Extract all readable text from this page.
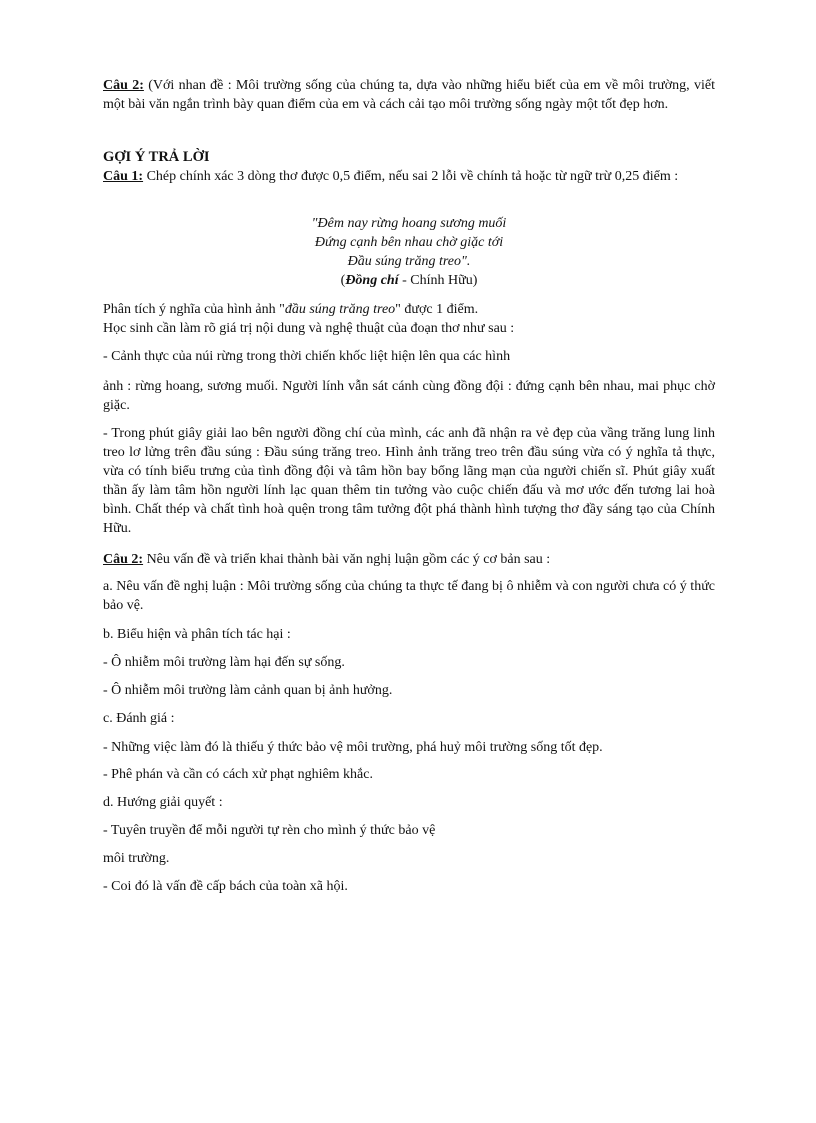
Câu 2: (Với nhan đề : Môi trường sống của chúng ta, dựa vào những hiểu biết của em về môi trường, viết một bài văn ngắn trình bày quan điểm của em và cách cải tạo môi trường sống ngày một tốt đẹp hơn.

GỢI Ý TRẢ LỜI

Câu 1: Chép chính xác 3 dòng thơ được 0,5 điểm, nếu sai 2 lỗi về chính tả hoặc từ ngữ trừ 0,25 điểm :

"Đêm nay rừng hoang sương muối
Đứng cạnh bên nhau chờ giặc tới
Đầu súng trăng treo".
(Đồng chí - Chính Hữu)

Phân tích ý nghĩa của hình ảnh "đầu súng trăng treo" được 1 điểm.

Học sinh cần làm rõ giá trị nội dung và nghệ thuật của đoạn thơ như sau :

- Cảnh thực của núi rừng trong thời chiến khốc liệt hiện lên qua các hình

ảnh : rừng hoang, sương muối. Người lính vẫn sát cánh cùng đồng đội : đứng cạnh bên nhau, mai phục chờ giặc.

- Trong phút giây giải lao bên người đồng chí của mình, các anh đã nhận ra vẻ đẹp của vầng trăng lung linh treo lơ lửng trên đầu súng : Đầu súng trăng treo. Hình ảnh trăng treo trên đầu súng vừa có ý nghĩa tả thực, vừa có tính biểu trưng của tình đồng đội và tâm hồn bay bổng lãng mạn của người chiến sĩ. Phút giây xuất thần ấy làm tâm hồn người lính lạc quan thêm tin tưởng vào cuộc chiến đấu và mơ ước đến tương lai hoà bình. Chất thép và chất tình hoà quện trong tâm tưởng đột phá thành hình tượng thơ đầy sáng tạo của Chính Hữu.

Câu 2: Nêu vấn đề và triển khai thành bài văn nghị luận gồm các ý cơ bản sau :

a. Nêu vấn đề nghị luận : Môi trường sống của chúng ta thực tế đang bị ô nhiễm và con người chưa có ý thức bảo vệ.

b. Biểu hiện và phân tích tác hại :

- Ô nhiễm môi trường làm hại đến sự sống.

- Ô nhiễm môi trường làm cảnh quan bị ảnh hưởng.

c. Đánh giá :

- Những việc làm đó là thiếu ý thức bảo vệ môi trường, phá huỷ môi trường sống tốt đẹp.

- Phê phán và cần có cách xử phạt nghiêm khắc.

d. Hướng giải quyết :

- Tuyên truyền để mỗi người tự rèn cho mình ý thức bảo vệ

môi trường.

- Coi đó là vấn đề cấp bách của toàn xã hội.
